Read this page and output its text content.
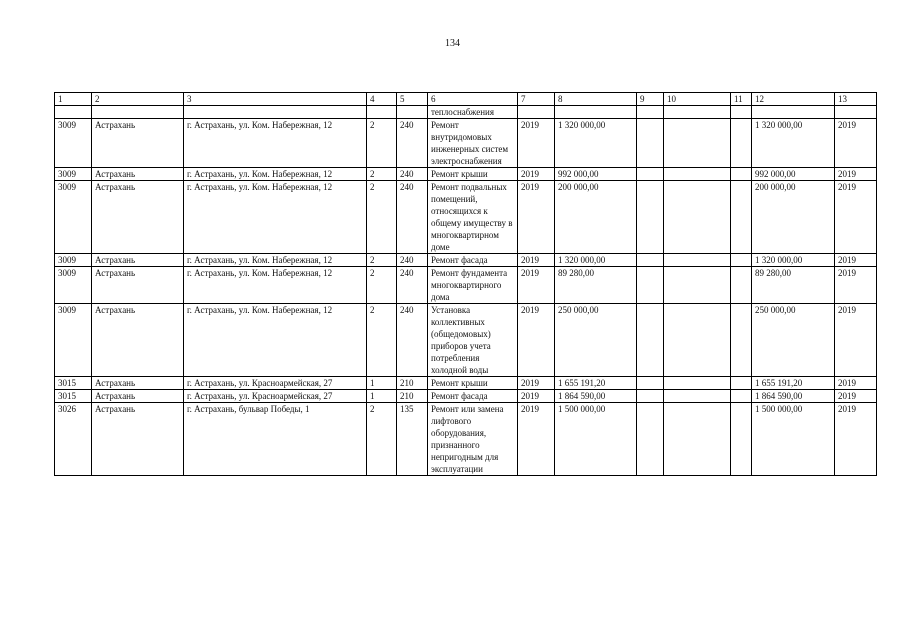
134
1	2	3	4	5	6	7	8	9	10	11	12	13
					теплоснабжения							
3009	Астрахань	г. Астрахань, ул. Ком. Набережная, 12	2	240	Ремонт внутридомовых инженерных систем электроснабжения	2019	1 320 000,00				1 320 000,00	2019
3009	Астрахань	г. Астрахань, ул. Ком. Набережная, 12	2	240	Ремонт крыши	2019	992 000,00				992 000,00	2019
3009	Астрахань	г. Астрахань, ул. Ком. Набережная, 12	2	240	Ремонт подвальных помещений, относящихся к общему имуществу в многоквартирном доме	2019	200 000,00				200 000,00	2019
3009	Астрахань	г. Астрахань, ул. Ком. Набережная, 12	2	240	Ремонт фасада	2019	1 320 000,00				1 320 000,00	2019
3009	Астрахань	г. Астрахань, ул. Ком. Набережная, 12	2	240	Ремонт фундамента многоквартирного дома	2019	89 280,00				89 280,00	2019
3009	Астрахань	г. Астрахань, ул. Ком. Набережная, 12	2	240	Установка коллективных (общедомовых) приборов учета потребления холодной воды	2019	250 000,00				250 000,00	2019
3015	Астрахань	г. Астрахань, ул. Красноармейская, 27	1	210	Ремонт крыши	2019	1 655 191,20				1 655 191,20	2019
3015	Астрахань	г. Астрахань, ул. Красноармейская, 27	1	210	Ремонт фасада	2019	1 864 590,00				1 864 590,00	2019
3026	Астрахань	г. Астрахань, бульвар Победы, 1	2	135	Ремонт или замена лифтового оборудования, признанного непригодным для эксплуатации	2019	1 500 000,00				1 500 000,00	2019
